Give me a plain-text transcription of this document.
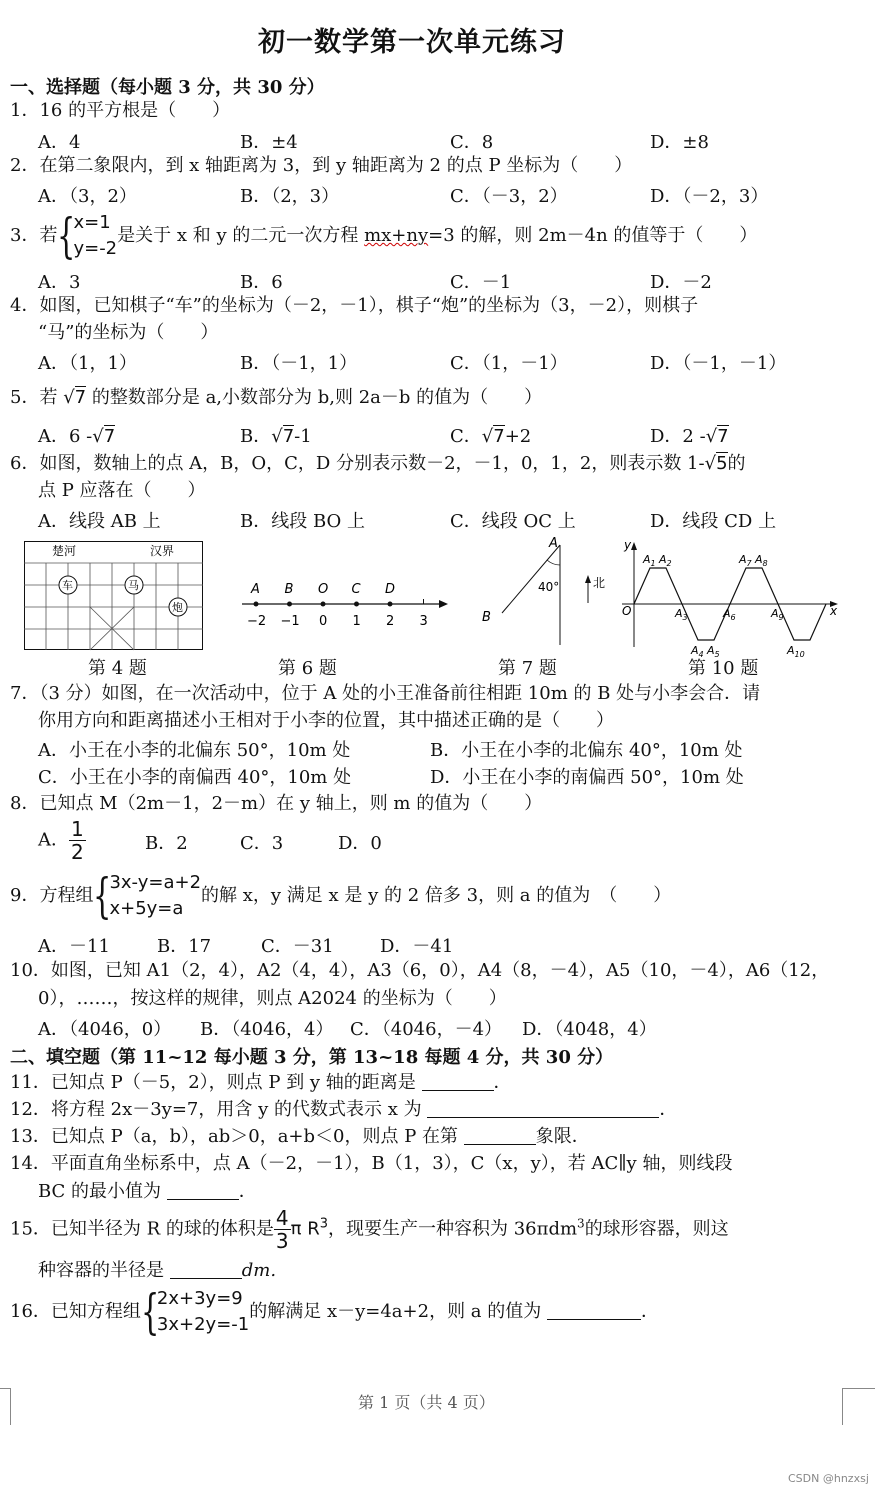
初一数学第一次单元练习
一、选择题（每小题 3 分，共 30 分）
1．16 的平方根是（　　）
A．4	B．±4	C．8	D．±8
2．在第二象限内，到 x 轴距离为 3，到 y 轴距离为 2 的点 P 坐标为（　　）
A．（3，2）	B．（2，3）	C．（－3，2）	D．（－2，3）
3．若 {
x=1
y=-2
是关于 x 和 y 的二元一次方程 mx+ny=3 的解，则 2m－4n 的值等于（　　）
A．3	B．6	C．－1	D．－2
4．如图，已知棋子“车”的坐标为（－2，－1），棋子“炮”的坐标为（3，－2），则棋子
“马”的坐标为（　　）
A．（1，1）	B．（－1，1）	C．（1，－1）	D．（－1，－1）
5．若 √7 的整数部分是 a,小数部分为 b,则 2a－b 的值为（　　）
A．6 -√7	B．√7-1	C．√7+2	D．2 -√7
6．如图，数轴上的点 A，B，O，C，D 分别表示数－2，－1，0，1，2，则表示数 1-√5的
点 P 应落在（　　）
A．线段 AB 上	B．线段 BO 上	C．线段 OC 上	D．线段 CD 上
楚河	汉界
车	马
炮
A
−2
B
−1
O
0
C
1
D
2 3
A
B
40°	北
y
x
O
$A_1$ $A_2$
$A_3$
$A_4$ $A_5$
$A_6$
$A_7$ $A_8$
$A_9$
$A_{10}$
第 4 题	第 6 题	第 7 题	第 10 题
7．（3 分）如图，在一次活动中，位于 A 处的小王准备前往相距 10m 的 B 处与小李会合．请
你用方向和距离描述小王相对于小李的位置，其中描述正确的是（　　）
A．小王在小李的北偏东 50°，10m 处	B．小王在小李的北偏东 40°，10m 处
C．小王在小李的南偏西 40°，10m 处	D．小王在小李的南偏西 50°，10m 处
8．已知点 M（2m－1，2－m）在 y 轴上，则 m 的值为（　　）
A． $\frac{1}{2}$	B．2	C．3	D．0
9．方程组 {
3x-y=a+2
x+5y=a
的解 x，y 满足 x 是 y 的 2 倍多 3，则 a 的值为　（　　）
A．－11	B．17	C．－31	D．－41
10．如图，已知 A1（2，4），A2（4，4），A3（6，0），A4（8，－4），A5（10，－4），A6（12，
0），……，按这样的规律，则点 A2024 的坐标为（　　）
A．（4046，0） B．（4046，4） C．（4046，－4） D．（4048，4）
二、填空题（第 11~12 每小题 3 分，第 13~18 每题 4 分，共 30 分）
11．已知点 P（－5，2），则点 P 到 y 轴的距离是	．
12．将方程 2x－3y=7，用含 y 的代数式表示 x 为	．
13．已知点 P（a，b），ab＞0，a+b＜0，则点 P 在第	象限．
14．平面直角坐标系中，点 A（－2，－1），B（1，3），C（x，y），若 AC∥y 轴，则线段
BC 的最小值为	．
15．已知半径为 R 的球的体积是 $\frac{4}{3}$ π $R^3$，现要生产一种容积为 36πdm$^3$的球形容器，则这
种容器的半径是	dm.
16．已知方程组 {
2x+3y=9
3x+2y=-1
的解满足 x－y=4a+2，则 a 的值为	．
第 1 页（共 4 页）
CSDN @hnzxsj
